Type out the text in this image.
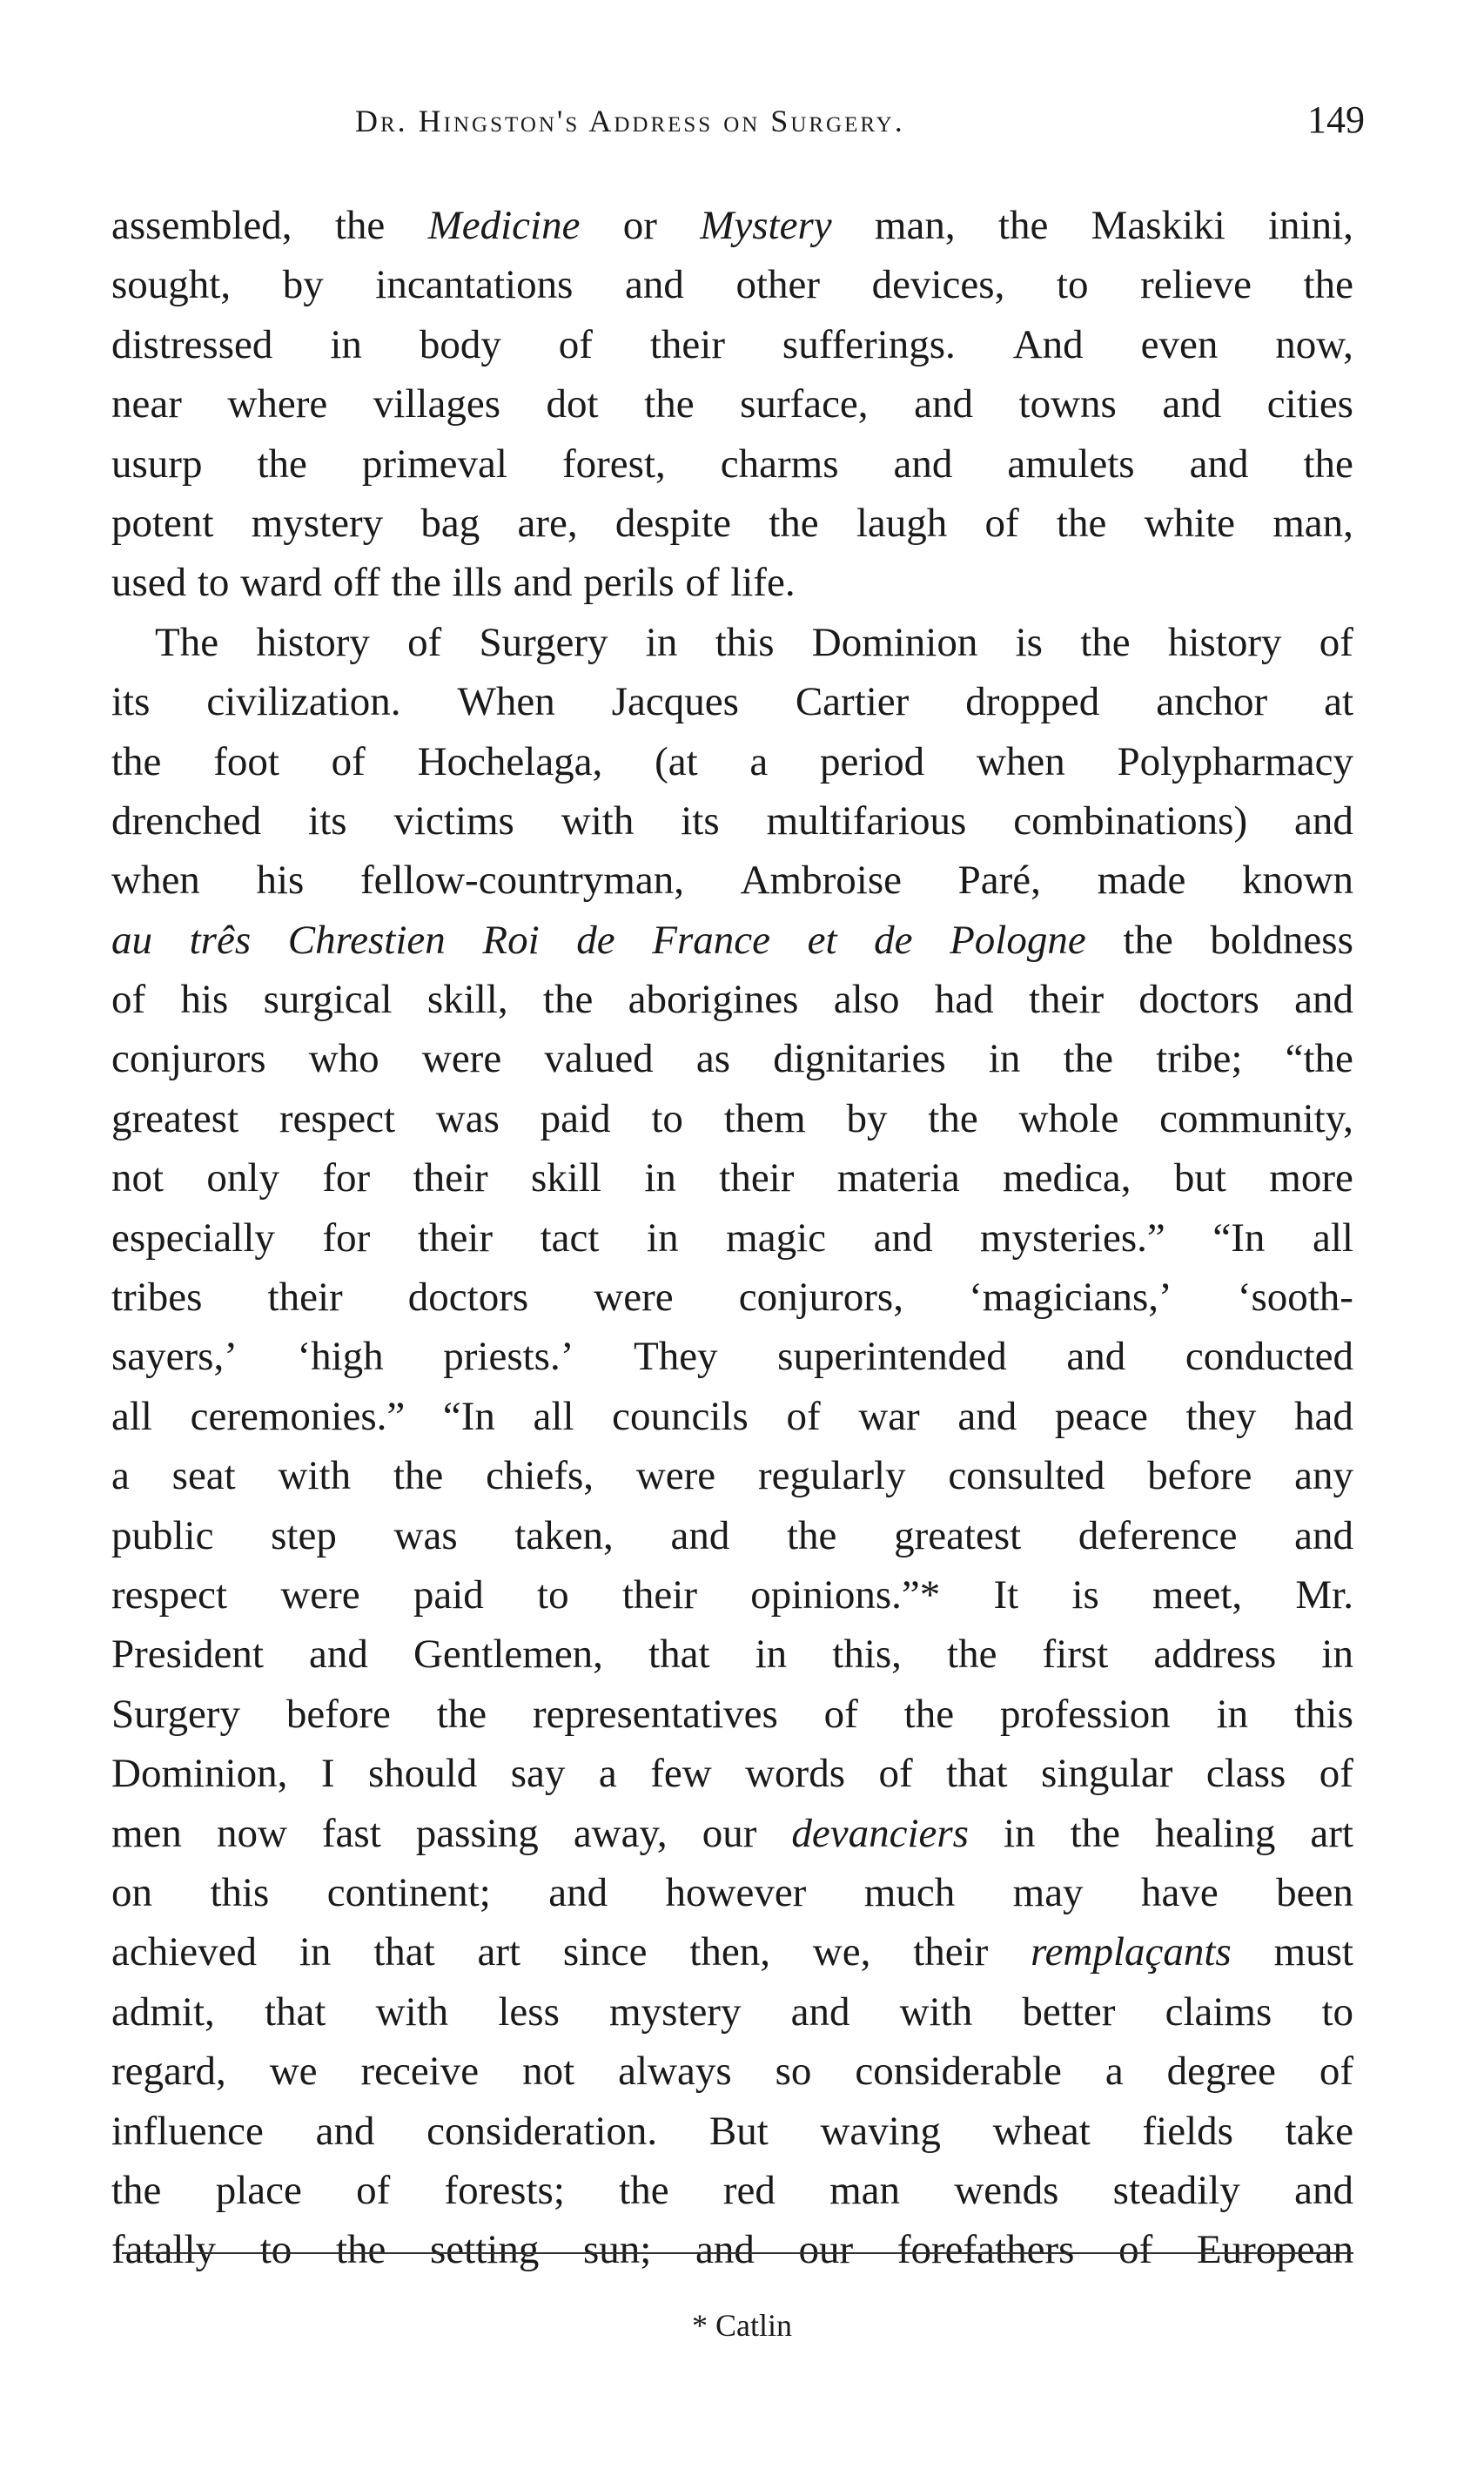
Dr. Hingston's Address on Surgery.	149
assembled, the Medicine or Mystery man, the Maskiki inini,
sought, by incantations and other devices, to relieve the
distressed in body of their sufferings. And even now,
near where villages dot the surface, and towns and cities
usurp the primeval forest, charms and amulets and the
potent mystery bag are, despite the laugh of the white man,
used to ward off the ills and perils of life.
The history of Surgery in this Dominion is the history of
its civilization. When Jacques Cartier dropped anchor at
the foot of Hochelaga, (at a period when Polypharmacy
drenched its victims with its multifarious combinations) and
when his fellow-countryman, Ambroise Paré, made known
au três Chrestien Roi de France et de Pologne the boldness
of his surgical skill, the aborigines also had their doctors and
conjurors who were valued as dignitaries in the tribe; “the
greatest respect was paid to them by the whole community,
not only for their skill in their materia medica, but more
especially for their tact in magic and mysteries.” “In all
tribes their doctors were conjurors, ‘magicians,’ ‘sooth-
sayers,’ ‘high priests.’ They superintended and conducted
all ceremonies.” “In all councils of war and peace they had
a seat with the chiefs, were regularly consulted before any
public step was taken, and the greatest deference and
respect were paid to their opinions.”* It is meet, Mr.
President and Gentlemen, that in this, the first address in
Surgery before the representatives of the profession in this
Dominion, I should say a few words of that singular class of
men now fast passing away, our devanciers in the healing art
on this continent; and however much may have been
achieved in that art since then, we, their remplaçants must
admit, that with less mystery and with better claims to
regard, we receive not always so considerable a degree of
influence and consideration. But waving wheat fields take
the place of forests; the red man wends steadily and
fatally to the setting sun; and our forefathers of European
* Catlin
